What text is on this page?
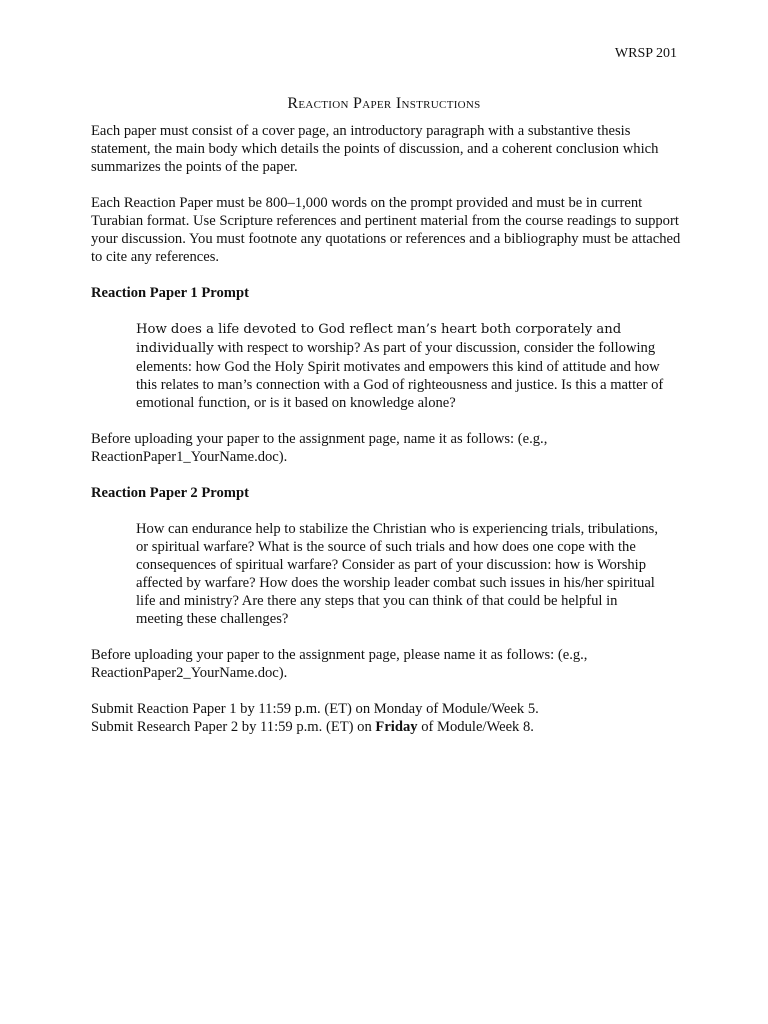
WRSP 201
Reaction Paper Instructions

Each paper must consist of a cover page, an introductory paragraph with a substantive thesis statement, the main body which details the points of discussion, and a coherent conclusion which summarizes the points of the paper.

Each Reaction Paper must be 800–1,000 words on the prompt provided and must be in current Turabian format. Use Scripture references and pertinent material from the course readings to support your discussion. You must footnote any quotations or references and a bibliography must be attached to cite any references.

Reaction Paper 1 Prompt

How does a life devoted to God reflect man’s heart both corporately and individually with respect to worship? As part of your discussion, consider the following elements: how God the Holy Spirit motivates and empowers this kind of attitude and how this relates to man’s connection with a God of righteousness and justice. Is this a matter of emotional function, or is it based on knowledge alone?

Before uploading your paper to the assignment page, name it as follows: (e.g., ReactionPaper1_YourName.doc).

Reaction Paper 2 Prompt

How can endurance help to stabilize the Christian who is experiencing trials, tribulations, or spiritual warfare? What is the source of such trials and how does one cope with the consequences of spiritual warfare? Consider as part of your discussion: how is Worship affected by warfare? How does the worship leader combat such issues in his/her spiritual life and ministry? Are there any steps that you can think of that could be helpful in meeting these challenges?

Before uploading your paper to the assignment page, please name it as follows: (e.g., ReactionPaper2_YourName.doc).

Submit Reaction Paper 1 by 11:59 p.m. (ET) on Monday of Module/Week 5.

Submit Research Paper 2 by 11:59 p.m. (ET) on Friday of Module/Week 8.
